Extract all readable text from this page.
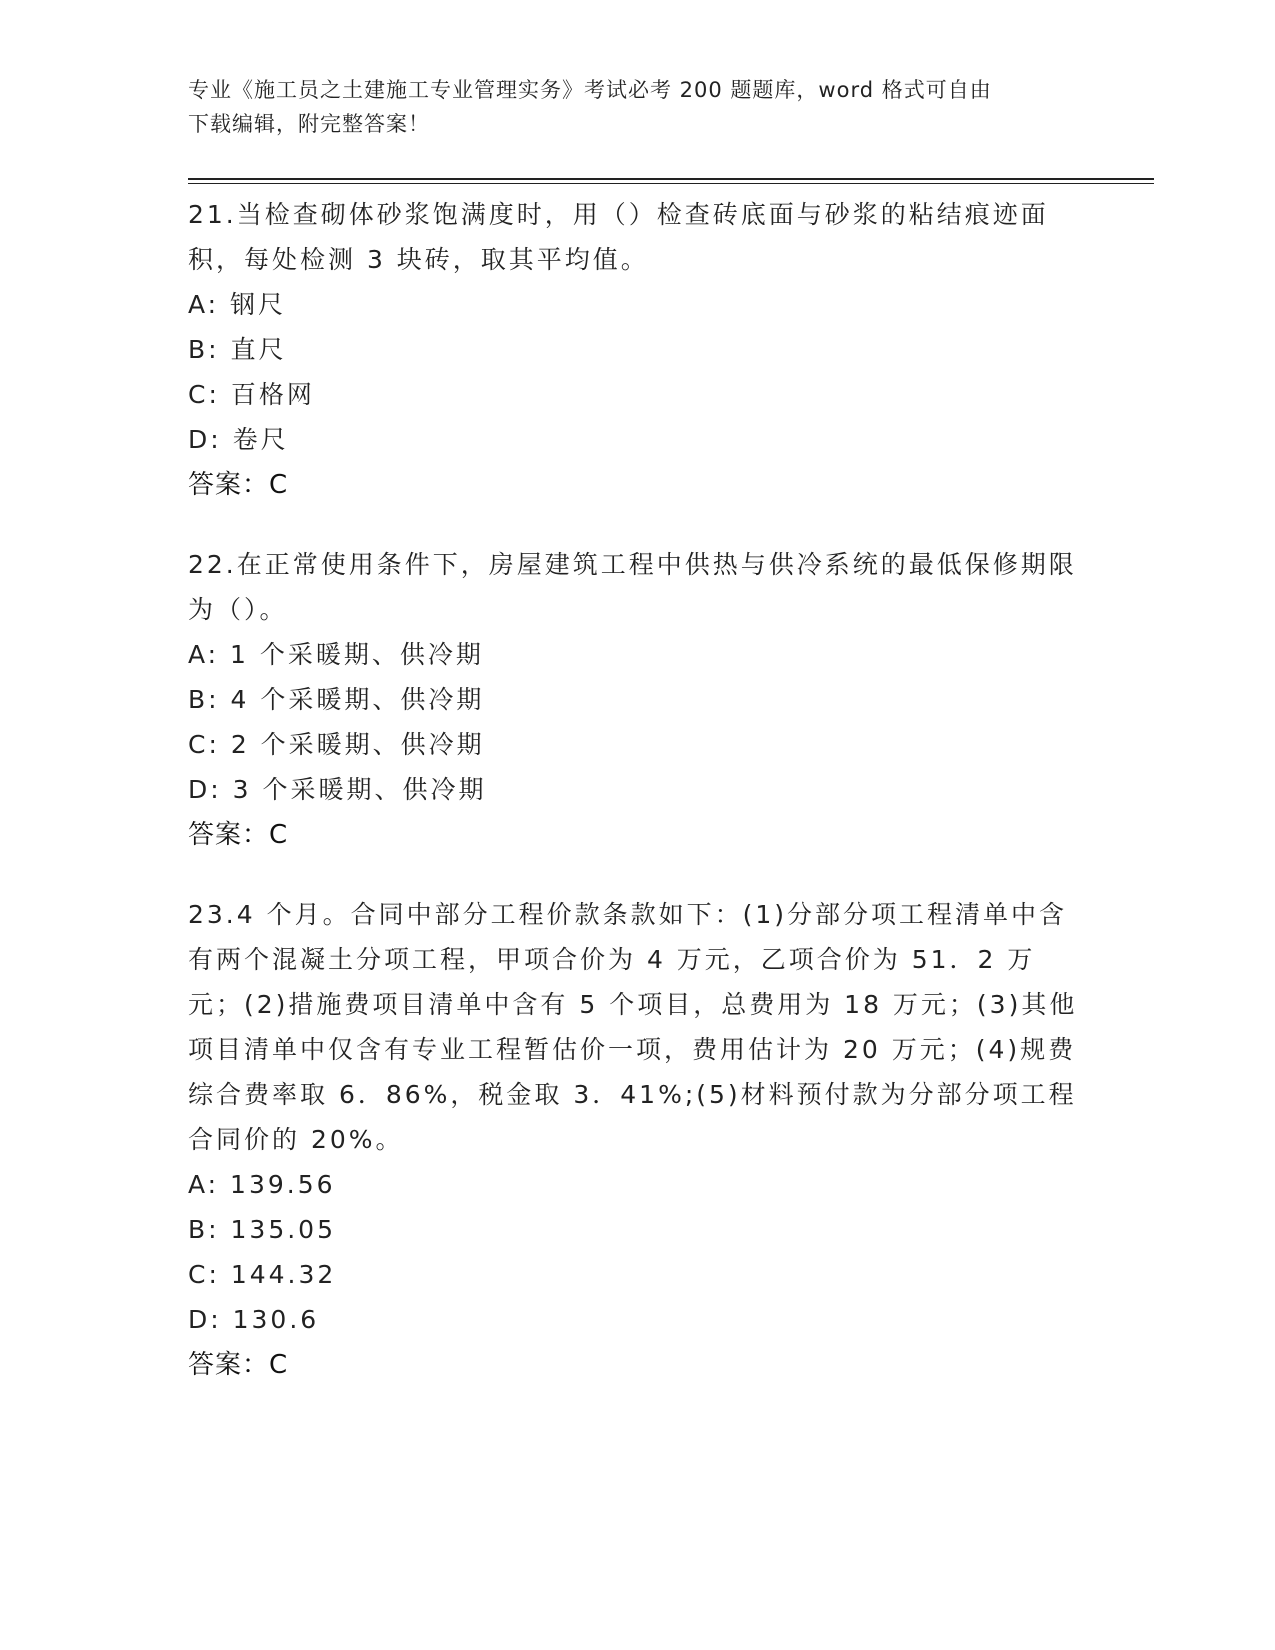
专业《施工员之土建施工专业管理实务》考试必考 200 题题库，word 格式可自由
下载编辑，附完整答案！

21.当检查砌体砂浆饱满度时，用（）检查砖底面与砂浆的粘结痕迹面积，每处检测 3 块砖，取其平均值。

A: 钢尺
B: 直尺
C: 百格网
D: 卷尺
答案：C

22.在正常使用条件下，房屋建筑工程中供热与供冷系统的最低保修期限为（）。

A: 1 个采暖期、供冷期
B: 4 个采暖期、供冷期
C: 2 个采暖期、供冷期
D: 3 个采暖期、供冷期
答案：C

23.4 个月。合同中部分工程价款条款如下：(1)分部分项工程清单中含有两个混凝土分项工程，甲项合价为 4 万元，乙项合价为 51．2 万元；(2)措施费项目清单中含有 5 个项目，总费用为 18 万元；(3)其他项目清单中仅含有专业工程暂估价一项，费用估计为 20 万元；(4)规费综合费率取 6．86%，税金取 3．41%;(5)材料预付款为分部分项工程合同价的 20%。

A: 139.56
B: 135.05
C: 144.32
D: 130.6
答案：C
